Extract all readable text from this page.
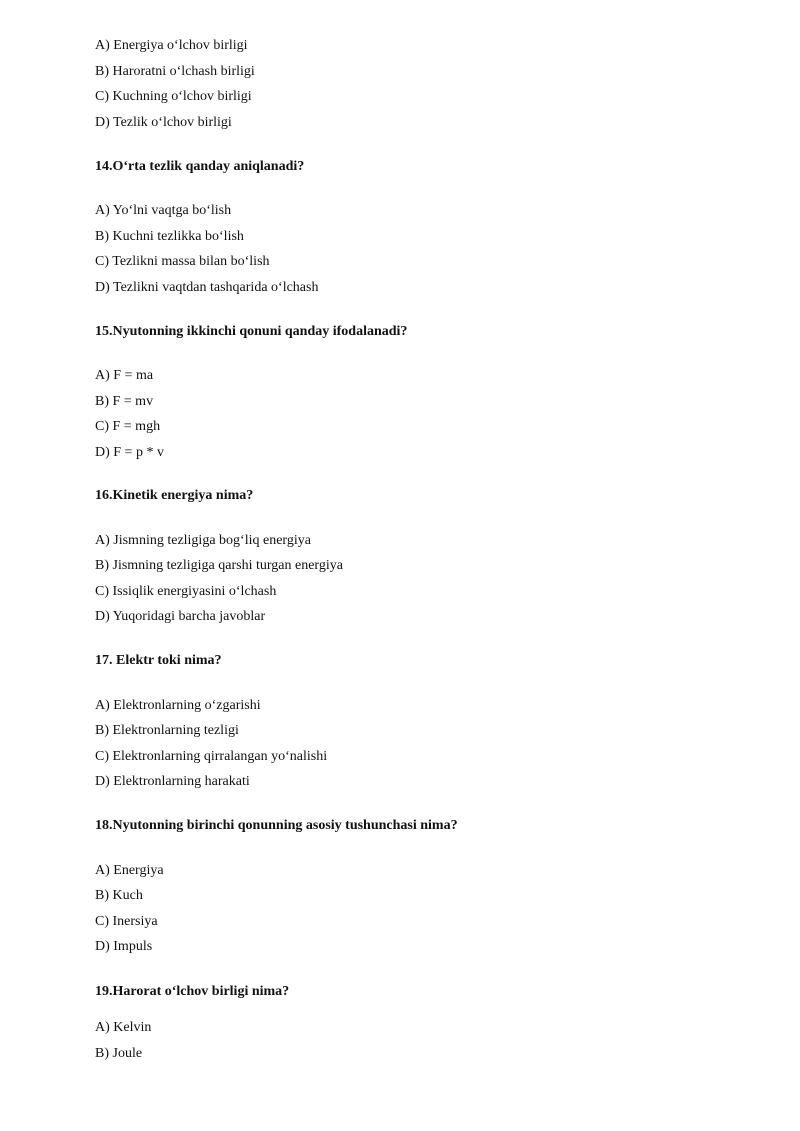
A) Energiya oʻlchov birligi
B) Haroratni oʻlchash birligi
C) Kuchning oʻlchov birligi
D) Tezlik oʻlchov birligi
14.Oʻrta tezlik qanday aniqlanadi?
A) Yoʻlni vaqtga boʻlish
B) Kuchni tezlikka boʻlish
C) Tezlikni massa bilan boʻlish
D) Tezlikni vaqtdan tashqarida oʻlchash
15.Nyutonning ikkinchi qonuni qanday ifodalanadi?
A) F = ma
B) F = mv
C) F = mgh
D) F = p * v
16.Kinetik energiya nima?
A) Jismning tezligiga bogʻliq energiya
B) Jismning tezligiga qarshi turgan energiya
C) Issiqlik energiyasini oʻlchash
D) Yuqoridagi barcha javoblar
17. Elektr toki nima?
A) Elektronlarning oʻzgarishi
B) Elektronlarning tezligi
C) Elektronlarning qirralangan yoʻnalishi
D) Elektronlarning harakati
18.Nyutonning birinchi qonunning asosiy tushunchasi nima?
A) Energiya
B) Kuch
C) Inersiya
D) Impuls
19.Harorat oʻlchov birligi nima?
A) Kelvin
B) Joule
